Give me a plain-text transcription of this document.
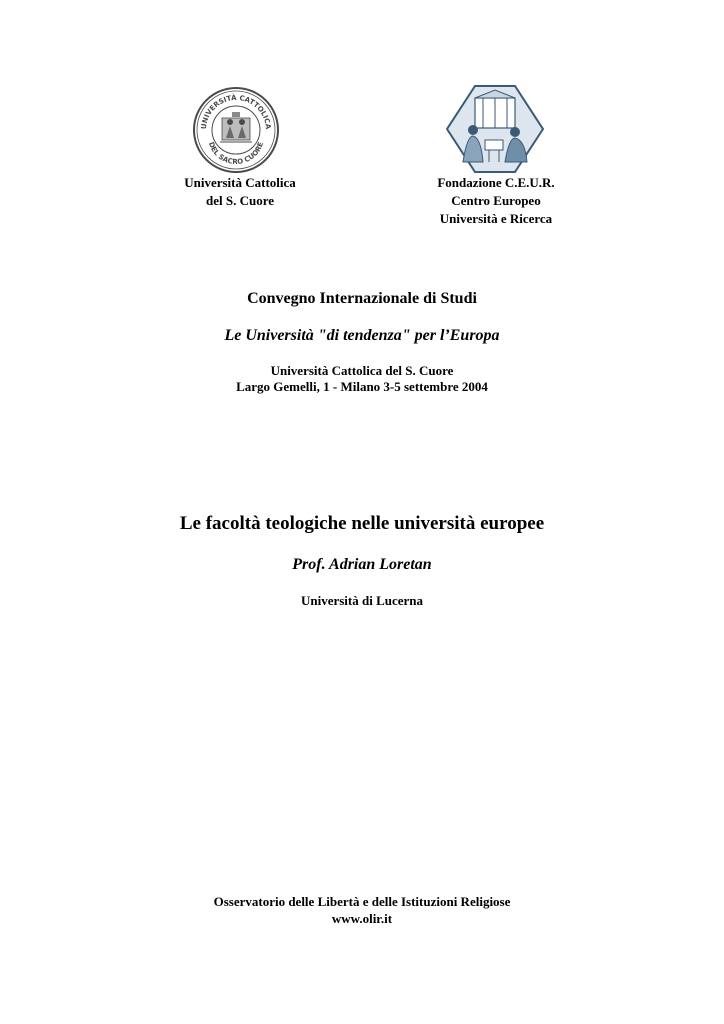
UNIVERSITÀ CATTOLICA
DEL SACRO CUORE
Università Cattolica
del S. Cuore
Fondazione C.E.U.R.
Centro Europeo
Università e Ricerca
Convegno Internazionale di Studi
Le Università "di tendenza" per l’Europa
Università Cattolica del S. Cuore
Largo Gemelli, 1 - Milano 3-5 settembre 2004
Le facoltà teologiche nelle università europee
Prof. Adrian Loretan
Università di Lucerna
Osservatorio delle Libertà e delle Istituzioni Religiose
www.olir.it
